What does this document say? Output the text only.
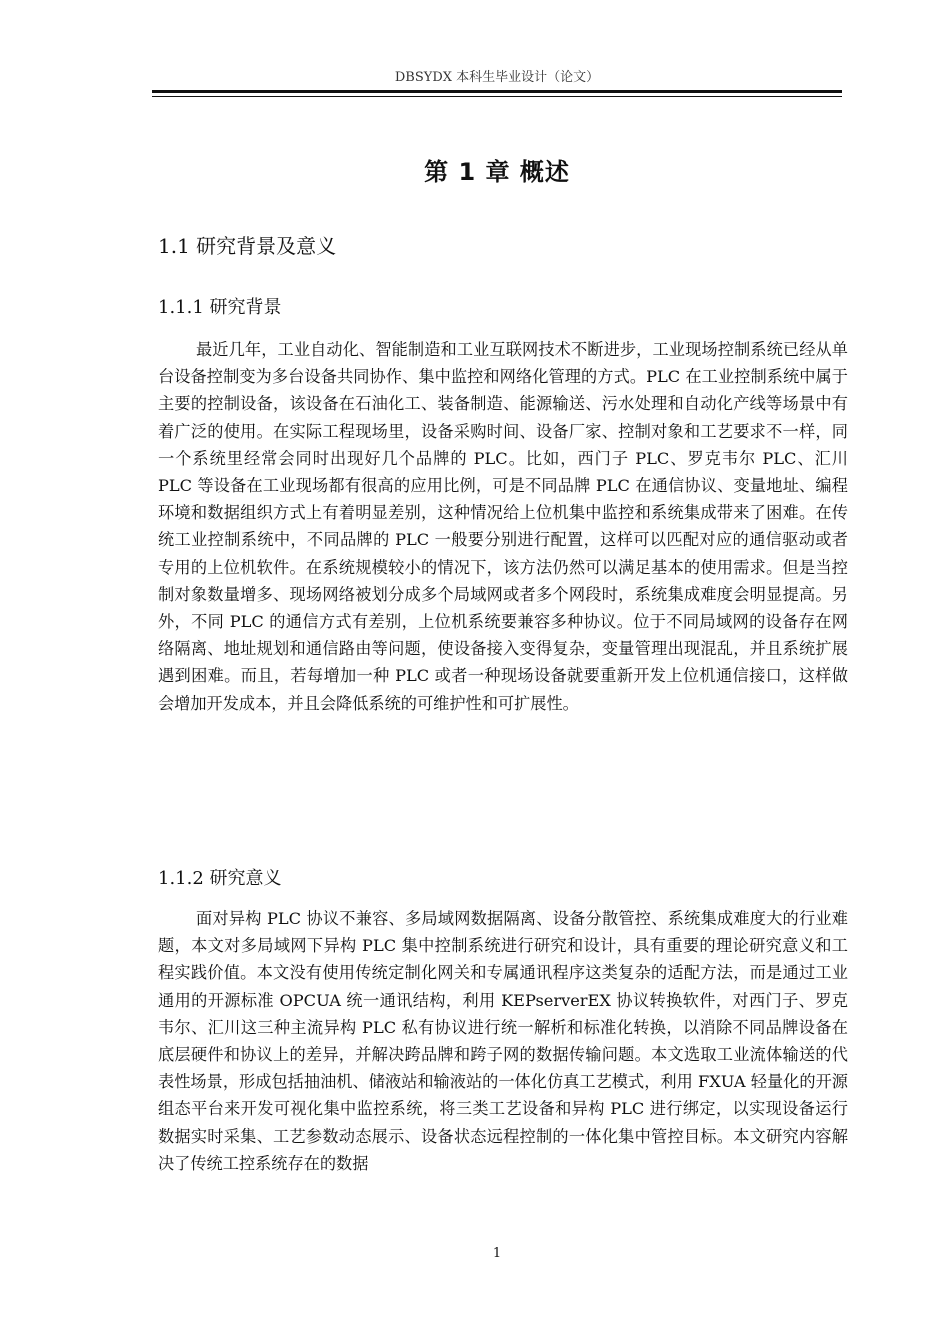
DBSYDX 本科生毕业设计（论文）
第 1 章 概述
1.1 研究背景及意义
1.1.1 研究背景
最近几年，工业自动化、智能制造和工业互联网技术不断进步，工业现场控制系统已经从单台设备控制变为多台设备共同协作、集中监控和网络化管理的方式。PLC 在工业控制系统中属于主要的控制设备，该设备在石油化工、装备制造、能源输送、污水处理和自动化产线等场景中有着广泛的使用。在实际工程现场里，设备采购时间、设备厂家、控制对象和工艺要求不一样，同一个系统里经常会同时出现好几个品牌的 PLC。比如，西门子 PLC、罗克韦尔 PLC、汇川 PLC 等设备在工业现场都有很高的应用比例，可是不同品牌 PLC 在通信协议、变量地址、编程环境和数据组织方式上有着明显差别，这种情况给上位机集中监控和系统集成带来了困难。在传统工业控制系统中，不同品牌的 PLC 一般要分别进行配置，这样可以匹配对应的通信驱动或者专用的上位机软件。在系统规模较小的情况下，该方法仍然可以满足基本的使用需求。但是当控制对象数量增多、现场网络被划分成多个局域网或者多个网段时，系统集成难度会明显提高。另外，不同 PLC 的通信方式有差别，上位机系统要兼容多种协议。位于不同局域网的设备存在网络隔离、地址规划和通信路由等问题，使设备接入变得复杂，变量管理出现混乱，并且系统扩展遇到困难。而且，若每增加一种 PLC 或者一种现场设备就要重新开发上位机通信接口，这样做会增加开发成本，并且会降低系统的可维护性和可扩展性。
1.1.2 研究意义
面对异构 PLC 协议不兼容、多局域网数据隔离、设备分散管控、系统集成难度大的行业难题，本文对多局域网下异构 PLC 集中控制系统进行研究和设计，具有重要的理论研究意义和工程实践价值。本文没有使用传统定制化网关和专属通讯程序这类复杂的适配方法，而是通过工业通用的开源标准 OPCUA 统一通讯结构，利用 KEPserverEX 协议转换软件，对西门子、罗克韦尔、汇川这三种主流异构 PLC 私有协议进行统一解析和标准化转换，以消除不同品牌设备在底层硬件和协议上的差异，并解决跨品牌和跨子网的数据传输问题。本文选取工业流体输送的代表性场景，形成包括抽油机、储液站和输液站的一体化仿真工艺模式，利用 FXUA 轻量化的开源组态平台来开发可视化集中监控系统，将三类工艺设备和异构 PLC 进行绑定，以实现设备运行数据实时采集、工艺参数动态展示、设备状态远程控制的一体化集中管控目标。本文研究内容解决了传统工控系统存在的数据
1
